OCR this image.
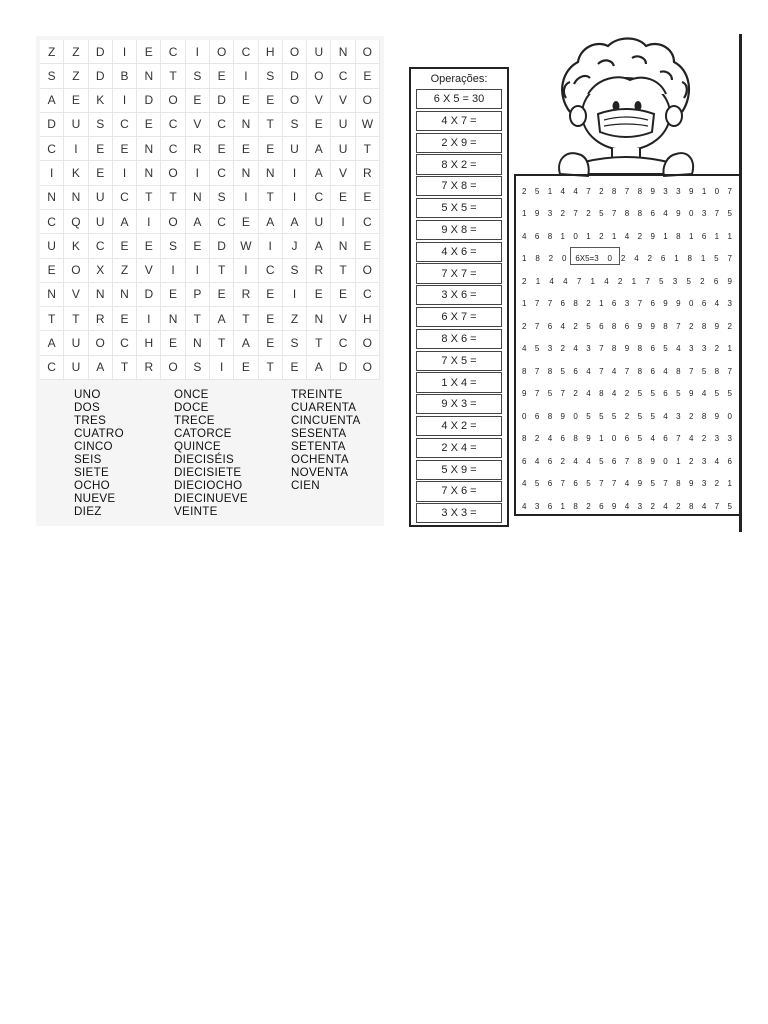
Z	Z	D	I	E	C	I	O	C	H	O	U	N	O
S	Z	D	B	N	T	S	E	I	S	D	O	C	E
A	E	K	I	D	O	E	D	E	E	O	V	V	O
D	U	S	C	E	C	V	C	N	T	S	E	U	W
C	I	E	E	N	C	R	E	E	E	U	A	U	T
I	K	E	I	N	O	I	C	N	N	I	A	V	R
N	N	U	C	T	T	N	S	I	T	I	C	E	E
C	Q	U	A	I	O	A	C	E	A	A	U	I	C
U	K	C	E	E	S	E	D	W	I	J	A	N	E
E	O	X	Z	V	I	I	T	I	C	S	R	T	O
N	V	N	N	D	E	P	E	R	E	I	E	E	C
T	T	R	E	I	N	T	A	T	E	Z	N	V	H
A	U	O	C	H	E	N	T	A	E	S	T	C	O
C	U	A	T	R	O	S	I	E	T	E	A	D	O
UNO
DOS
TRES
CUATRO
CINCO
SEIS
SIETE
OCHO
NUEVE
DIEZ
ONCE
DOCE
TRECE
CATORCE
QUINCE
DIECISÉIS
DIECISIETE
DIECIOCHO
DIECINUEVE
VEINTE
TREINTE
CUARENTA
CINCUENTA
SESENTA
SETENTA
OCHENTA
NOVENTA
CIEN
Operações:
6 X 5 = 30
4 X 7 =
2 X 9 =
8 X 2 =
7 X 8 =
5 X 5 =
9 X 8 =
4 X 6 =
7 X 7 =
3 X 6 =
6 X 7 =
8 X 6 =
7 X 5 =
1 X 4 =
9 X 3 =
4 X 2 =
2 X 4 =
5 X 9 =
7 X 6 =
3 X 3 =
2 5 1 4 4 7 2 8 7 8 9 3 3 9 1 0 7
1 9 3 2 7 2 5 7 8 8 6 4 9 0 3 7 5
4 6 8 1 0 1 2 1 4 2 9 1 8 1 6 1 1
1 8 2 0 6X5=3 0 2 4 2 6 1 8 1 5 7
2 1 4 4 7 1 4 2 1 7 5 3 5 2 6 9
1 7 7 6 8 2 1 6 3 7 6 9 9 0 6 4 3
2 7 6 4 2 5 6 8 6 9 9 8 7 2 8 9 2
4 5 3 2 4 3 7 8 9 8 6 5 4 3 3 2 1
8 7 8 5 6 4 7 4 7 8 6 4 8 7 5 8 7
9 7 5 7 2 4 8 4 2 5 5 6 5 9 4 5 5
0 6 8 9 0 5 5 5 2 5 5 4 3 2 8 9 0
8 2 4 6 8 9 1 0 6 5 4 6 7 4 2 3 3
6 4 6 2 4 4 5 6 7 8 9 0 1 2 3 4 6
4 5 6 7 6 5 7 7 4 9 5 7 8 9 3 2 1
4 3 6 1 8 2 6 9 4 3 2 4 2 8 4 7 5
